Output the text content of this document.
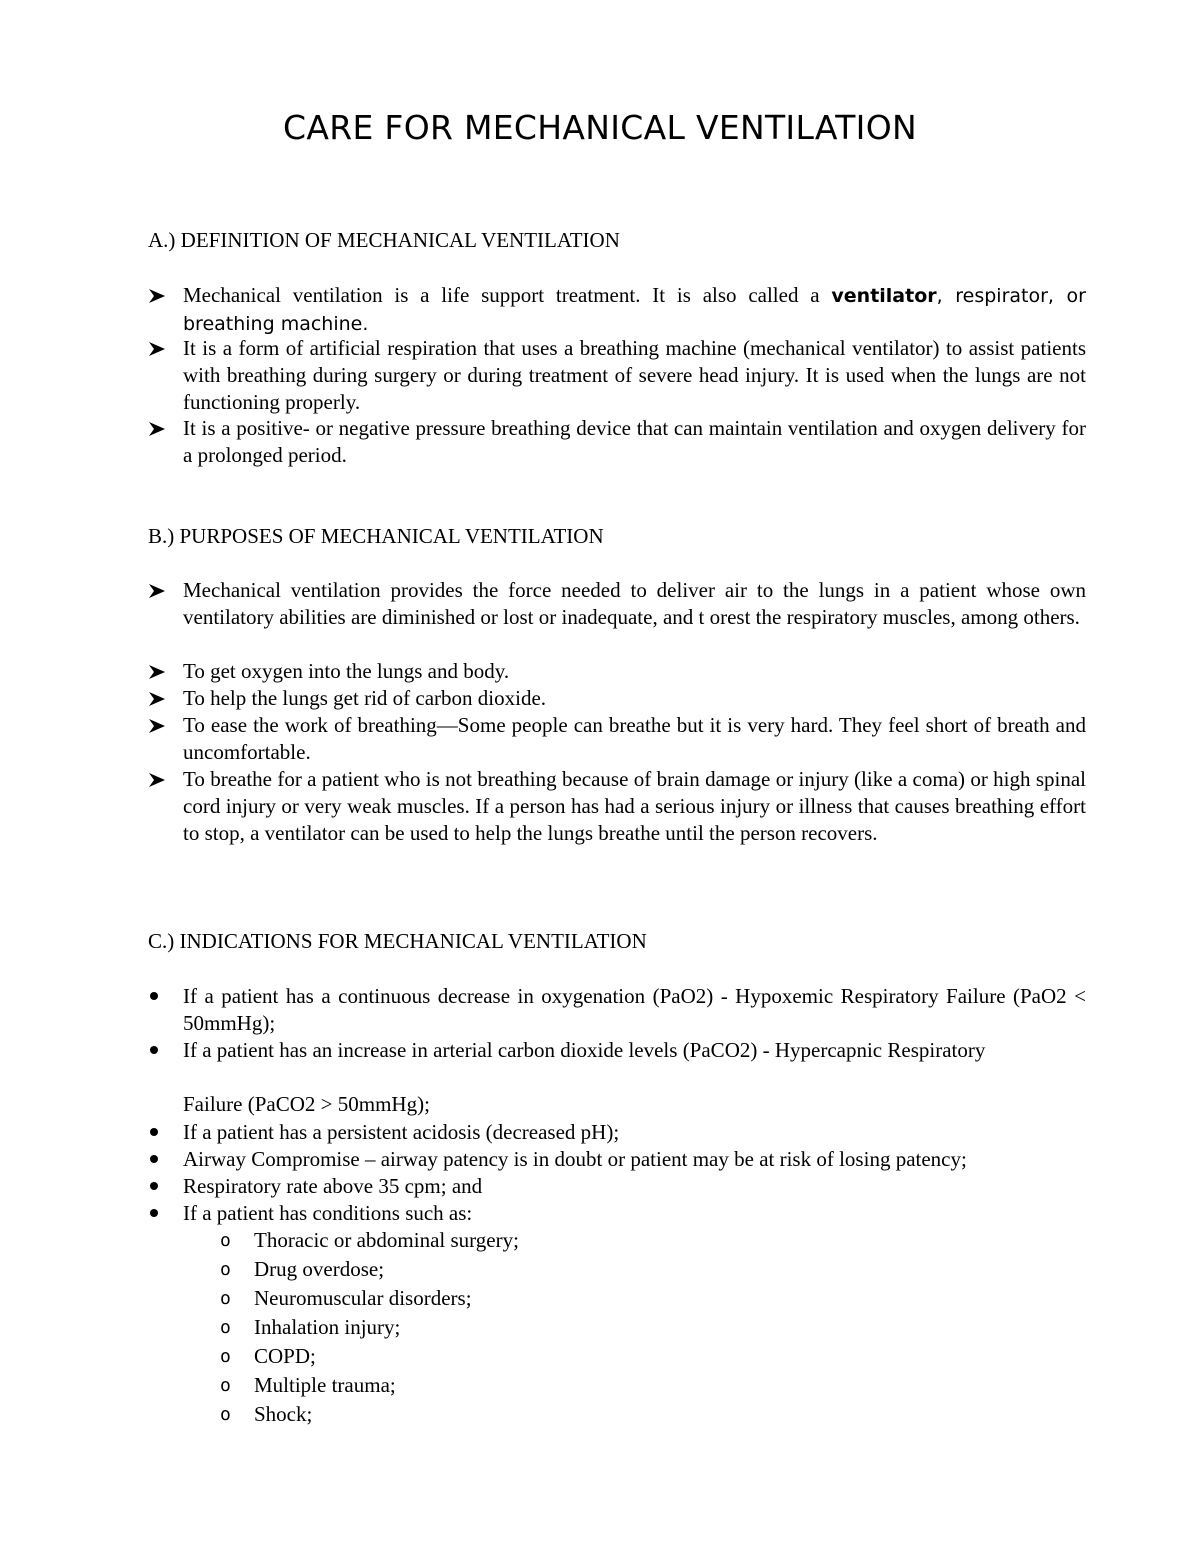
CARE FOR MECHANICAL VENTILATION
A.) DEFINITION OF MECHANICAL VENTILATION
Mechanical ventilation is a life support treatment. It is also called a ventilator, respirator, or breathing machine.
It is a form of artificial respiration that uses a breathing machine (mechanical ventilator) to assist patients with breathing during surgery or during treatment of severe head injury. It is used when the lungs are not functioning properly.
It is a positive- or negative pressure breathing device that can maintain ventilation and oxygen delivery for a prolonged period.
B.) PURPOSES OF MECHANICAL VENTILATION
Mechanical ventilation provides the force needed to deliver air to the lungs in a patient whose own ventilatory abilities are diminished or lost or inadequate, and t orest the respiratory muscles, among others.
To get oxygen into the lungs and body.
To help the lungs get rid of carbon dioxide.
To ease the work of breathing—Some people can breathe but it is very hard. They feel short of breath and uncomfortable.
To breathe for a patient who is not breathing because of brain damage or injury (like a coma) or high spinal cord injury or very weak muscles. If a person has had a serious injury or illness that causes breathing effort to stop, a ventilator can be used to help the lungs breathe until the person recovers.
C.) INDICATIONS FOR MECHANICAL VENTILATION
If a patient has a continuous decrease in oxygenation (PaO2) - Hypoxemic Respiratory Failure (PaO2 < 50mmHg);
If a patient has an increase in arterial carbon dioxide levels (PaCO2) - Hypercapnic Respiratory
Failure (PaCO2 > 50mmHg);
If a patient has a persistent acidosis (decreased pH);
Airway Compromise – airway patency is in doubt or patient may be at risk of losing patency;
Respiratory rate above 35 cpm; and
If a patient has conditions such as:
o Thoracic or abdominal surgery;
o Drug overdose;
o Neuromuscular disorders;
o Inhalation injury;
o COPD;
o Multiple trauma;
o Shock;
